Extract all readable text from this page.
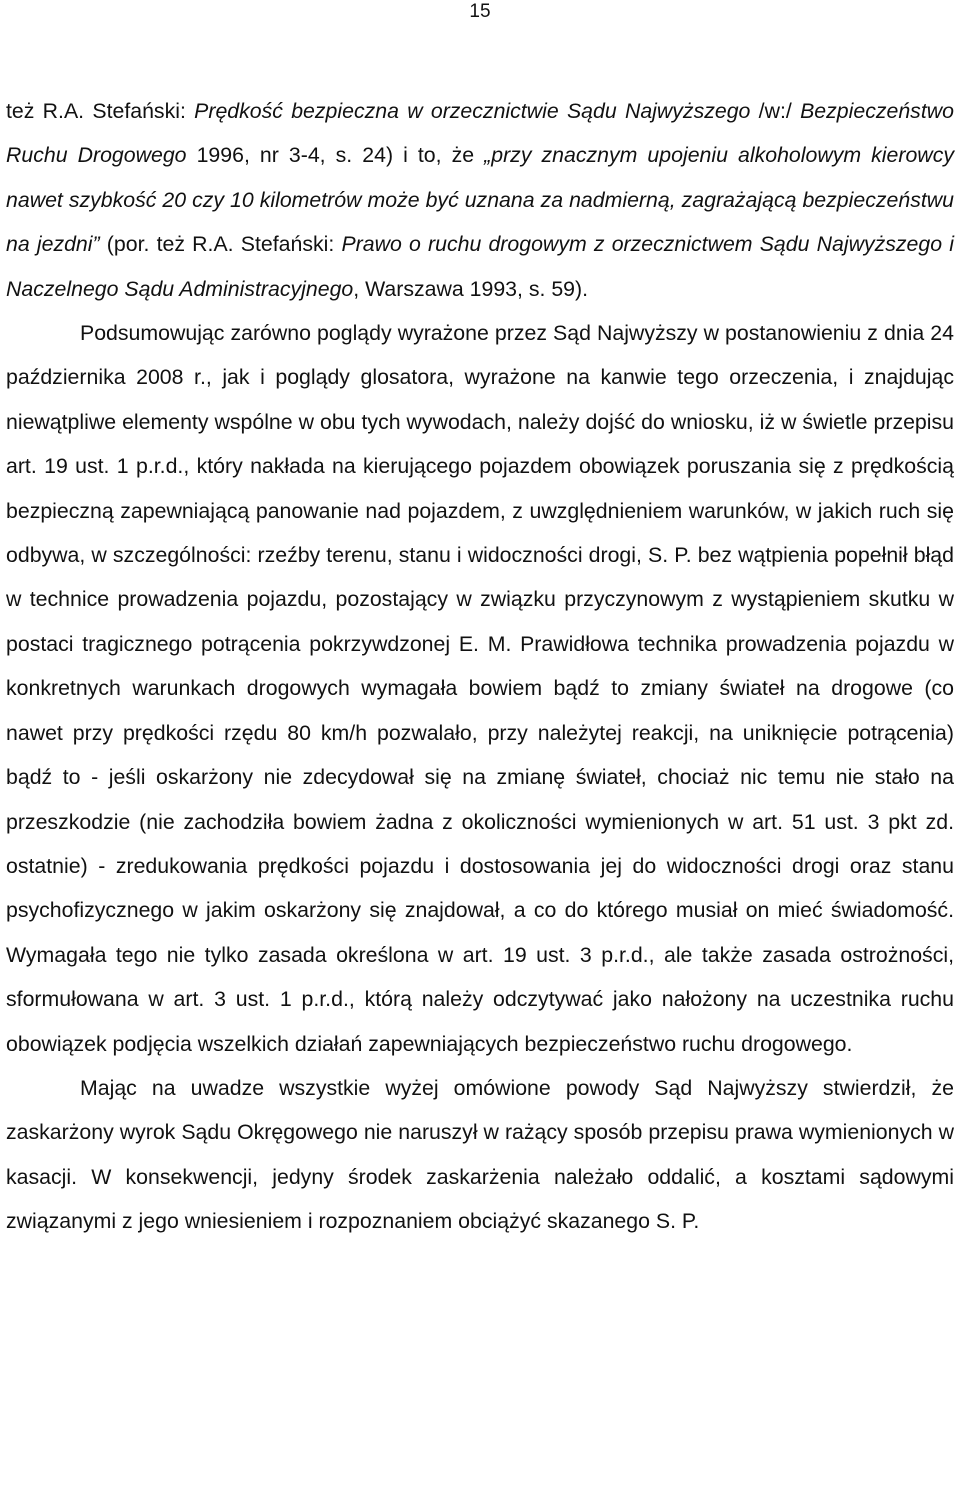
15

też R.A. Stefański: Prędkość bezpieczna w orzecznictwie Sądu Najwyższego /w:/ Bezpieczeństwo Ruchu Drogowego 1996, nr 3-4, s. 24) i to, że „przy znacznym upojeniu alkoholowym kierowcy nawet szybkość 20 czy 10 kilometrów może być uznana za nadmierną, zagrażającą bezpieczeństwu na jezdni” (por. też R.A. Stefański: Prawo o ruchu drogowym z orzecznictwem Sądu Najwyższego i Naczelnego Sądu Administracyjnego, Warszawa 1993, s. 59).

Podsumowując zarówno poglądy wyrażone przez Sąd Najwyższy w postanowieniu z dnia 24 października 2008 r., jak i poglądy glosatora, wyrażone na kanwie tego orzeczenia, i znajdując niewątpliwe elementy wspólne w obu tych wywodach, należy dojść do wniosku, iż w świetle przepisu art. 19 ust. 1 p.r.d., który nakłada na kierującego pojazdem obowiązek poruszania się z prędkością bezpieczną zapewniającą panowanie nad pojazdem, z uwzględnieniem warunków, w jakich ruch się odbywa, w szczególności: rzeźby terenu, stanu i widoczności drogi, S. P. bez wątpienia popełnił błąd w technice prowadzenia pojazdu, pozostający w związku przyczynowym z wystąpieniem skutku w postaci tragicznego potrącenia pokrzywdzonej E. M. Prawidłowa technika prowadzenia pojazdu w konkretnych warunkach drogowych wymagała bowiem bądź to zmiany świateł na drogowe (co nawet przy prędkości rzędu 80 km/h pozwalało, przy należytej reakcji, na uniknięcie potrącenia) bądź to - jeśli oskarżony nie zdecydował się na zmianę świateł, chociaż nic temu nie stało na przeszkodzie (nie zachodziła bowiem żadna z okoliczności wymienionych w art. 51 ust. 3 pkt zd. ostatnie) - zredukowania prędkości pojazdu i dostosowania jej do widoczności drogi oraz stanu psychofizycznego w jakim oskarżony się znajdował, a co do którego musiał on mieć świadomość. Wymagała tego nie tylko zasada określona w art. 19 ust. 3 p.r.d., ale także zasada ostrożności, sformułowana w art. 3 ust. 1 p.r.d., którą należy odczytywać jako nałożony na uczestnika ruchu obowiązek podjęcia wszelkich działań zapewniających bezpieczeństwo ruchu drogowego.

Mając na uwadze wszystkie wyżej omówione powody Sąd Najwyższy stwierdził, że zaskarżony wyrok Sądu Okręgowego nie naruszył w rażący sposób przepisu prawa wymienionych w kasacji. W konsekwencji, jedyny środek zaskarżenia należało oddalić, a kosztami sądowymi związanymi z jego wniesieniem i rozpoznaniem obciążyć skazanego S. P.
